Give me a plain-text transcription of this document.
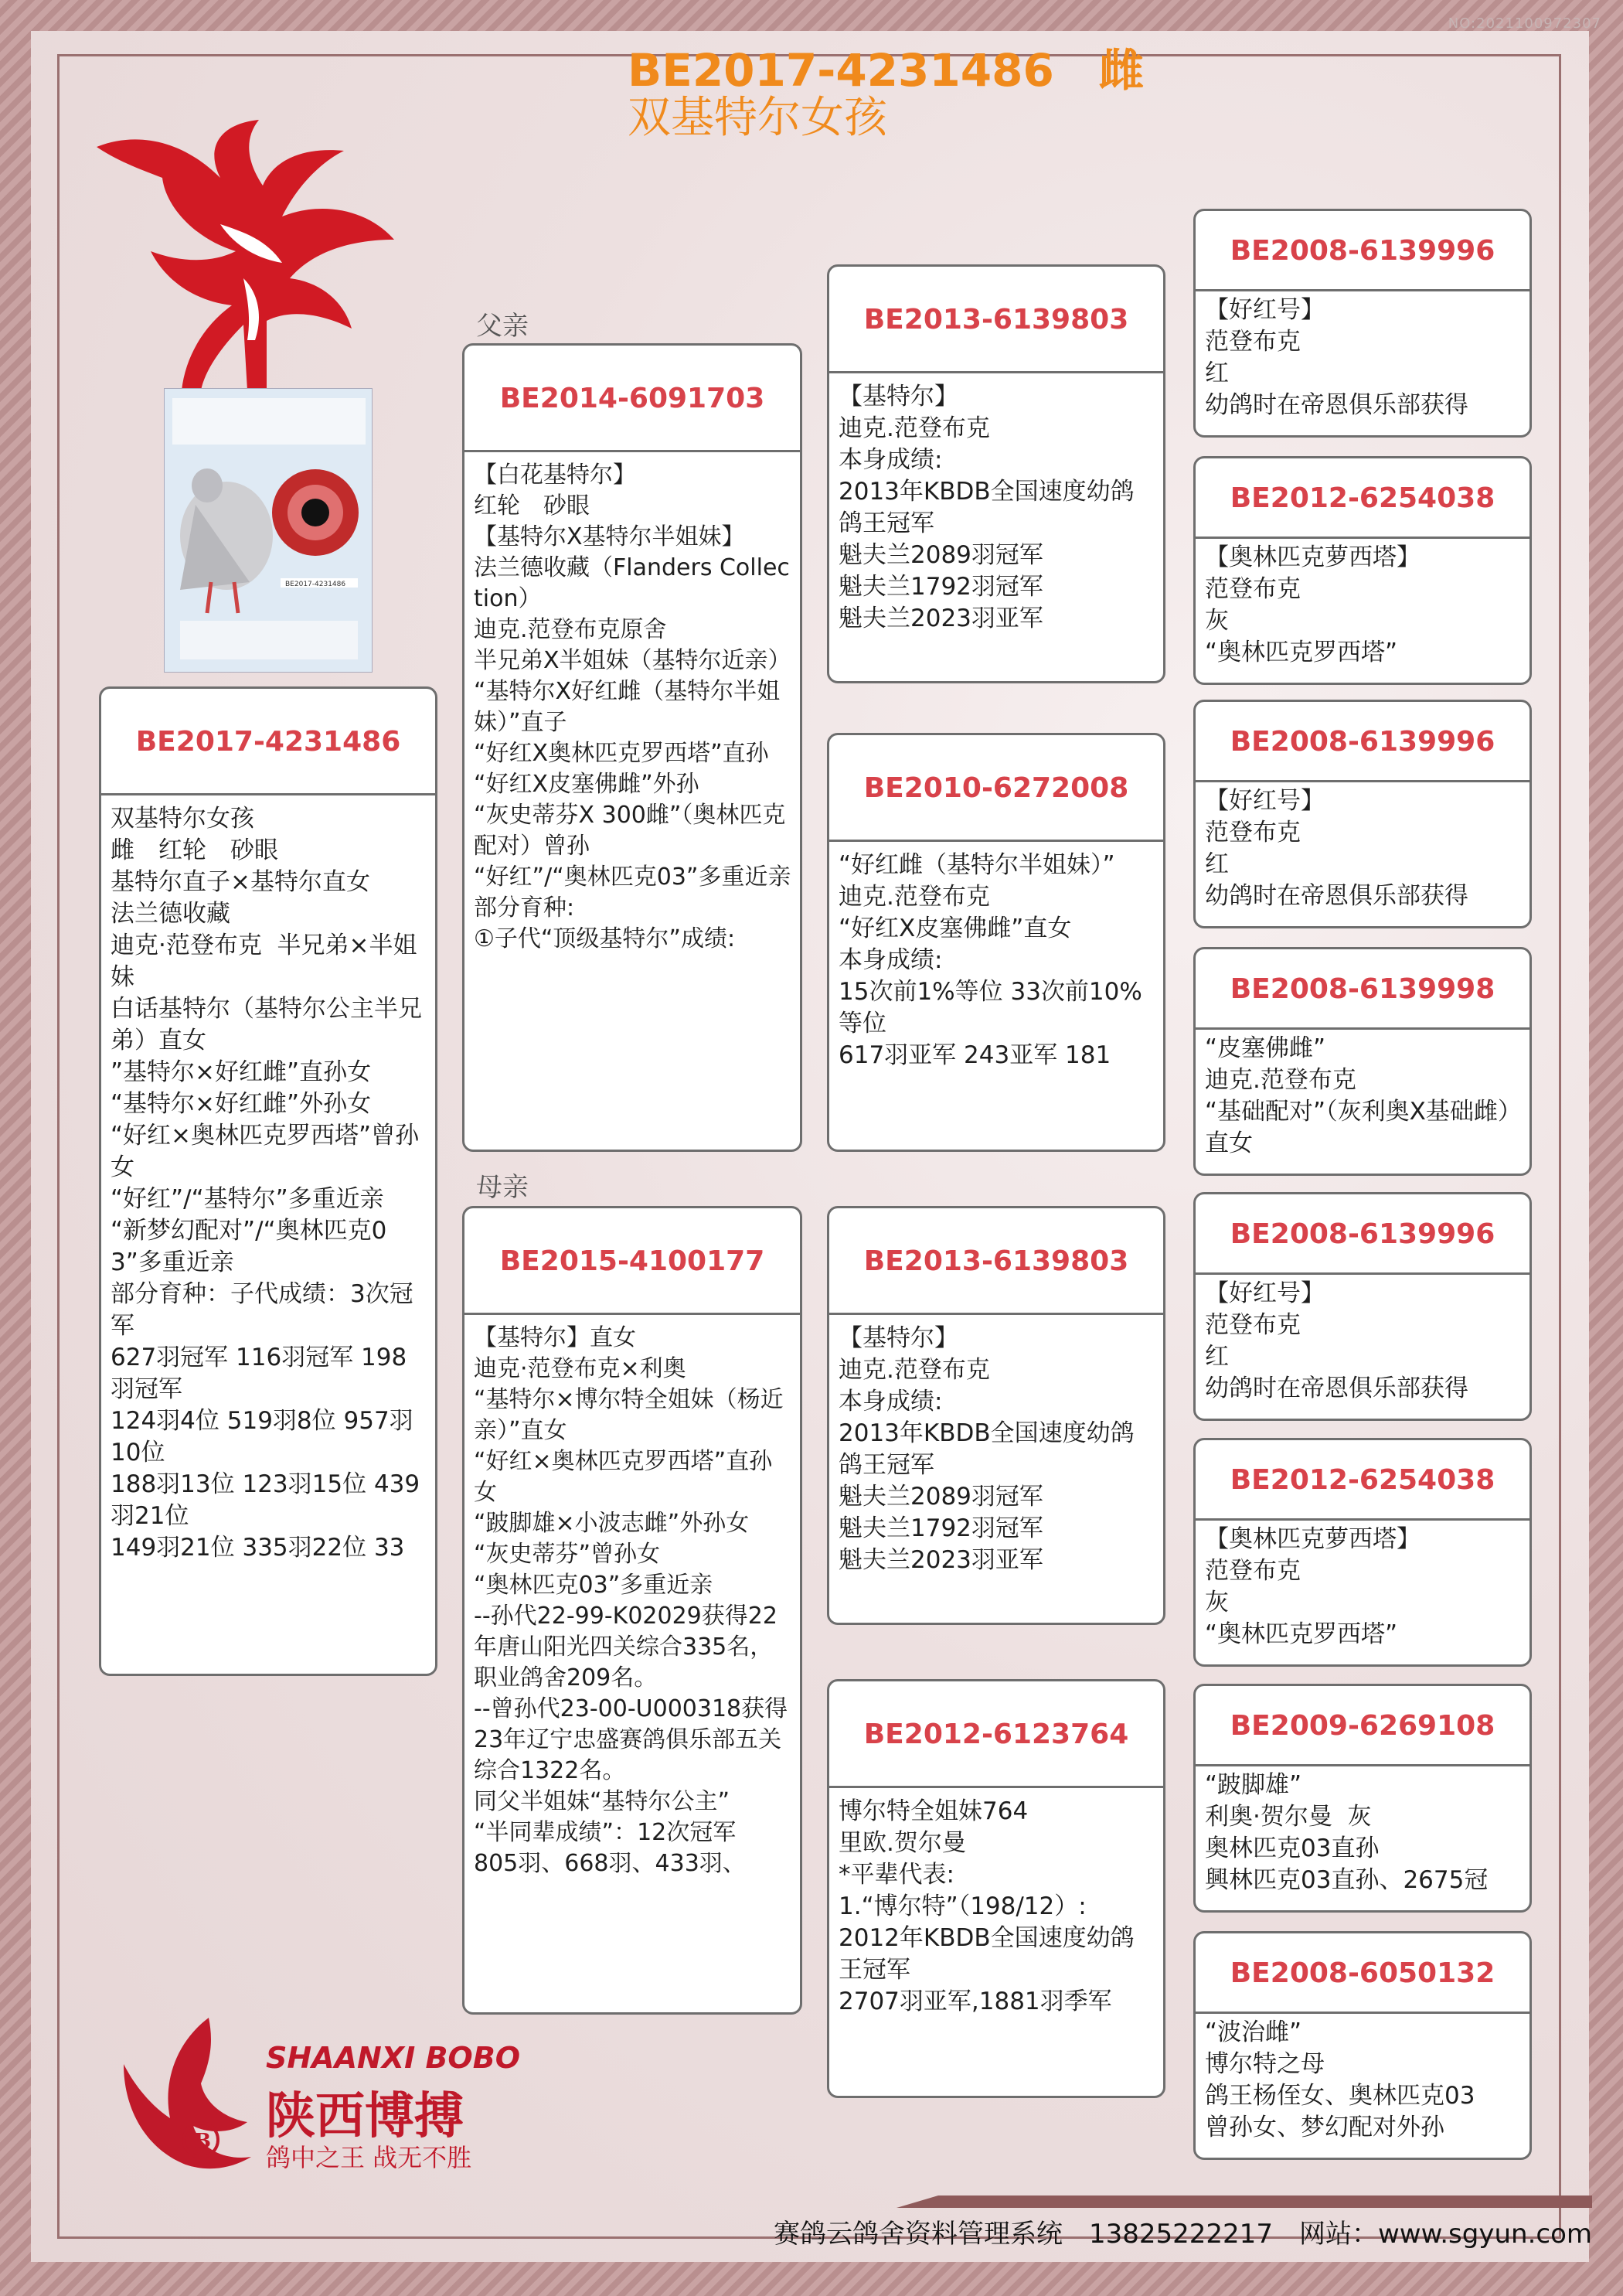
NO:2021100972307
BE2017-4231486　雌
双基特尔女孩
BE2017-4231486
BE2017-4231486
双基特尔女孩
雌　红轮　砂眼
基特尔直子×基特尔直女
法兰德收藏
迪克·范登布克  半兄弟×半姐妹
白话基特尔（基特尔公主半兄弟）直女
”基特尔×好红雌”直孙女
“基特尔×好红雌”外孙女
“好红×奥林匹克罗西塔”曾孙女
“好红”/“基特尔”多重近亲
“新梦幻配对”/“奥林匹克03”多重近亲
部分育种：子代成绩：3次冠军
627羽冠军 116羽冠军 198羽冠军
124羽4位 519羽8位 957羽10位
188羽13位 123羽15位 439羽21位
149羽21位 335羽22位 33
父亲
母亲
BE2014-6091703
【白花基特尔】
红轮　砂眼
【基特尔X基特尔半姐妹】
法兰德收藏（Flanders Collection）
迪克.范登布克原舍
半兄弟X半姐妹（基特尔近亲）
“基特尔X好红雌（基特尔半姐妹）”直子
“好红X奥林匹克罗西塔”直孙
“好红X皮塞佛雌”外孙
“灰史蒂芬X 300雌”（奥林匹克配对）曾孙
“好红”/“奥林匹克03”多重近亲
部分育种:
①子代“顶级基特尔”成绩:
BE2015-4100177
【基特尔】直女
迪克·范登布克×利奥
“基特尔×博尔特全姐妹（杨近亲）”直女
“好红×奥林匹克罗西塔”直孙女
“跛脚雄×小波志雌”外孙女
“灰史蒂芬”曾孙女
“奥林匹克03”多重近亲
--孙代22-99-K02029获得22年唐山阳光四关综合335名，职业鸽舍209名。
--曾孙代23-00-U000318获得23年辽宁忠盛赛鸽俱乐部五关综合1322名。
同父半姐妹“基特尔公主”
“半同辈成绩”：12次冠军
805羽、668羽、433羽、
BE2013-6139803
【基特尔】
迪克.范登布克
本身成绩:
2013年KBDB全国速度幼鸽鸽王冠军
魁夫兰2089羽冠军
魁夫兰1792羽冠军
魁夫兰2023羽亚军
BE2010-6272008
“好红雌（基特尔半姐妹）”
迪克.范登布克
“好红X皮塞佛雌”直女
本身成绩:
15次前1%等位 33次前10%等位
617羽亚军 243亚军 181
BE2013-6139803
【基特尔】
迪克.范登布克
本身成绩:
2013年KBDB全国速度幼鸽鸽王冠军
魁夫兰2089羽冠军
魁夫兰1792羽冠军
魁夫兰2023羽亚军
BE2012-6123764
博尔特全姐妹764
里欧.贺尔曼
*平辈代表:
1.“博尔特”（198/12）:
2012年KBDB全国速度幼鸽王冠军
2707羽亚军,1881羽季军
BE2008-6139996
【好红号】
范登布克
红
幼鸽时在帝恩俱乐部获得
BE2012-6254038
【奥林匹克萝西塔】
范登布克
灰
“奥林匹克罗西塔”
BE2008-6139996
【好红号】
范登布克
红
幼鸽时在帝恩俱乐部获得
BE2008-6139998
“皮塞佛雌”
迪克.范登布克
“基础配对”（灰利奥X基础雌）直女
BE2008-6139996
【好红号】
范登布克
红
幼鸽时在帝恩俱乐部获得
BE2012-6254038
【奥林匹克萝西塔】
范登布克
灰
“奥林匹克罗西塔”
BE2009-6269108
“跛脚雄”
利奥·贺尔曼  灰
奥林匹克03直孙
興林匹克03直孙、2675冠
BE2008-6050132
“波治雌”
博尔特之母
鸽王杨侄女、奥林匹克03
曾孙女、梦幻配对外孙
B
SHAANXI BOBO
陕西博搏
鸽中之王 战无不胜
赛鸽云鸽舍资料管理系统　13825222217　网站：www.sgyun.com
